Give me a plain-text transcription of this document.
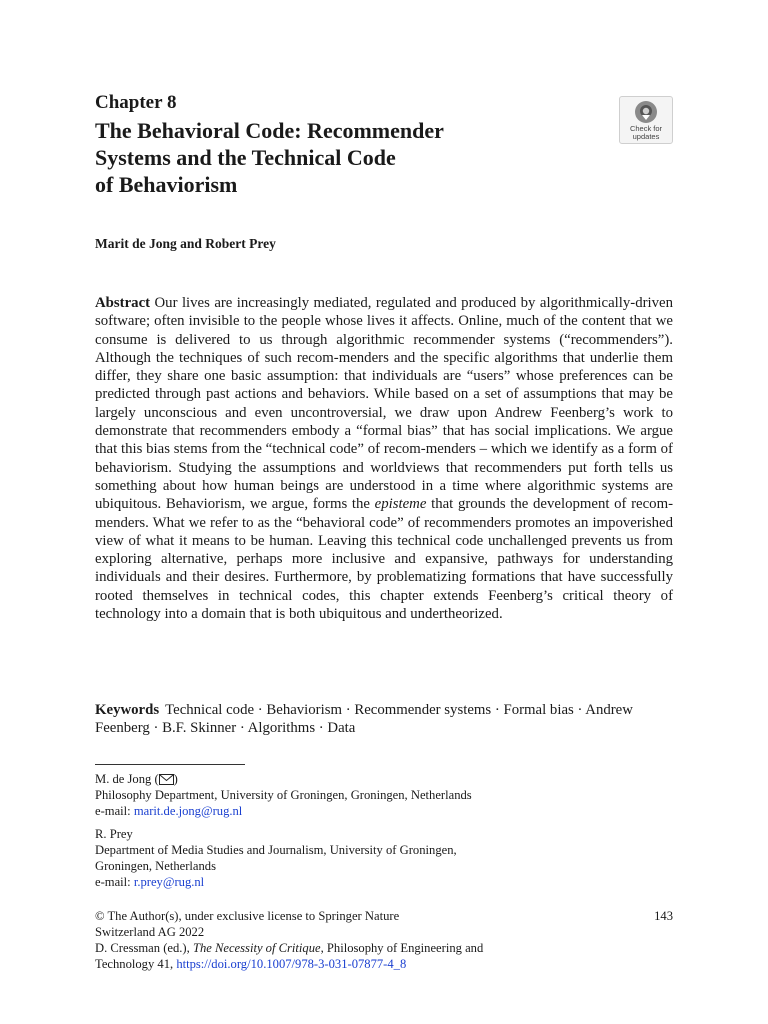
Chapter 8
The Behavioral Code: Recommender
Systems and the Technical Code
of Behaviorism
Check for
updates
Marit de Jong and Robert Prey

Abstract Our lives are increasingly mediated, regulated and produced by algorithmically-driven software; often invisible to the people whose lives it affects. Online, much of the content that we consume is delivered to us through algorithmic recommender systems (“recommenders”). Although the techniques of such recom-menders and the specific algorithms that underlie them differ, they share one basic assumption: that individuals are “users” whose preferences can be predicted through past actions and behaviors. While based on a set of assumptions that may be largely unconscious and even uncontroversial, we draw upon Andrew Feenberg’s work to demonstrate that recommenders embody a “formal bias” that has social implications. We argue that this bias stems from the “technical code” of recom-menders – which we identify as a form of behaviorism. Studying the assumptions and worldviews that recommenders put forth tells us something about how human beings are understood in a time where algorithmic systems are ubiquitous. Behaviorism, we argue, forms the episteme that grounds the development of recom-menders. What we refer to as the “behavioral code” of recommenders promotes an impoverished view of what it means to be human. Leaving this technical code unchallenged prevents us from exploring alternative, perhaps more inclusive and expansive, pathways for understanding individuals and their desires. Furthermore, by problematizing formations that have successfully rooted themselves in technical codes, this chapter extends Feenberg’s critical theory of technology into a domain that is both ubiquitous and undertheorized.

Keywords Technical code · Behaviorism · Recommender systems · Formal bias · Andrew Feenberg · B.F. Skinner · Algorithms · Data

M. de Jong ( )
Philosophy Department, University of Groningen, Groningen, Netherlands
e-mail: marit.de.jong@rug.nl
R. Prey
Department of Media Studies and Journalism, University of Groningen,
Groningen, Netherlands
e-mail: r.prey@rug.nl
© The Author(s), under exclusive license to Springer Nature
Switzerland AG 2022
D. Cressman (ed.), The Necessity of Critique, Philosophy of Engineering and
Technology 41, https://doi.org/10.1007/978-3-031-07877-4_8
143
